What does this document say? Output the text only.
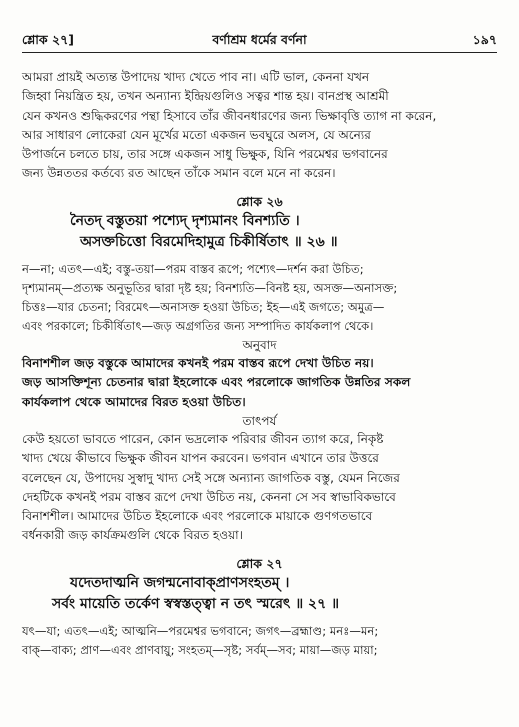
শ্লোক ২৭]	বর্ণাশ্রম ধর্মের বর্ণনা	১৯৭

আমরা প্রায়ই অত্যন্ত উপাদেয় খাদ্য খেতে পাব না। এটি ভাল, কেননা যখন

জিহ্বা নিয়ন্ত্রিত হয়, তখন অন্যান্য ইন্দ্রিয়গুলিও সত্বর শান্ত হয়। বানপ্রস্থ আশ্রমী

যেন কখনও শুদ্ধিকরণের পন্থা হিসাবে তাঁর জীবনধারণের জন্য ভিক্ষাবৃত্তি ত্যাগ না করেন,

আর সাধারণ লোকেরা যেন মূর্খের মতো একজন ভবঘুরে অলস, যে অন্যের

উপার্জনে চলতে চায়, তার সঙ্গে একজন সাধু ভিক্ষুক, যিনি পরমেশ্বর ভগবানের

জন্য উন্নততর কর্তব্যে রত আছেন তাঁকে সমান বলে মনে না করেন।

শ্লোক ২৬

নৈতদ্ বস্তুতয়া পশ্যেদ্ দৃশ্যমানং বিনশ্যতি ।

অসক্তচিত্তো বিরমেদিহামুত্র চিকীর্ষিতাৎ ॥ ২৬ ॥

ন—না; এতৎ—এই; বস্তু-তয়া—পরম বাস্তব রূপে; পশ্যেৎ—দর্শন করা উচিত;

দৃশ্যমানম্—প্রত্যক্ষ অনুভূতির দ্বারা দৃষ্ট হয়; বিনশ্যতি—বিনষ্ট হয়, অসক্ত—অনাসক্ত;

চিত্তঃ—যার চেতনা; বিরমেৎ—অনাসক্ত হওয়া উচিত; ইহ—এই জগতে; অমুত্র—

এবং পরকালে; চিকীর্ষিতাৎ—জড় অগ্রগতির জন্য সম্পাদিত কার্যকলাপ থেকে।

অনুবাদ

বিনাশশীল জড় বস্তুকে আমাদের কখনই পরম বাস্তব রূপে দেখা উচিত নয়।

জড় আসক্তিশূন্য চেতনার দ্বারা ইহলোকে এবং পরলোকে জাগতিক উন্নতির সকল

কার্যকলাপ থেকে আমাদের বিরত হওয়া উচিত।

তাৎপর্য

কেউ হয়তো ভাবতে পারেন, কোন ভদ্রলোক পরিবার জীবন ত্যাগ করে, নিকৃষ্ট

খাদ্য খেয়ে কীভাবে ভিক্ষুক জীবন যাপন করবেন। ভগবান এখানে তার উত্তরে

বলেছেন যে, উপাদেয় সুস্বাদু খাদ্য সেই সঙ্গে অন্যান্য জাগতিক বস্তু, যেমন নিজের

দেহটিকে কখনই পরম বাস্তব রূপে দেখা উচিত নয়, কেননা সে সব স্বাভাবিকভাবে

বিনাশশীল। আমাদের উচিত ইহলোকে এবং পরলোকে মায়াকে গুণগতভাবে

বর্ধনকারী জড় কার্যক্রমগুলি থেকে বিরত হওয়া।

শ্লোক ২৭

যদেতদাত্মনি জগন্মনোবাক্প্রাণসংহতম্ ।

সর্বং মায়েতি তর্কেণ স্বস্বস্তত্ত্বা ন তৎ স্মরেৎ ॥ ২৭ ॥

যৎ—যা; এতৎ—এই; আত্মনি—পরমেশ্বর ভগবানে; জগৎ—ব্রহ্মাণ্ড; মনঃ—মন;

বাক্—বাক্য; প্রাণ—এবং প্রাণবায়ু; সংহতম্—সৃষ্ট; সর্বম্—সব; মায়া—জড় মায়া;
